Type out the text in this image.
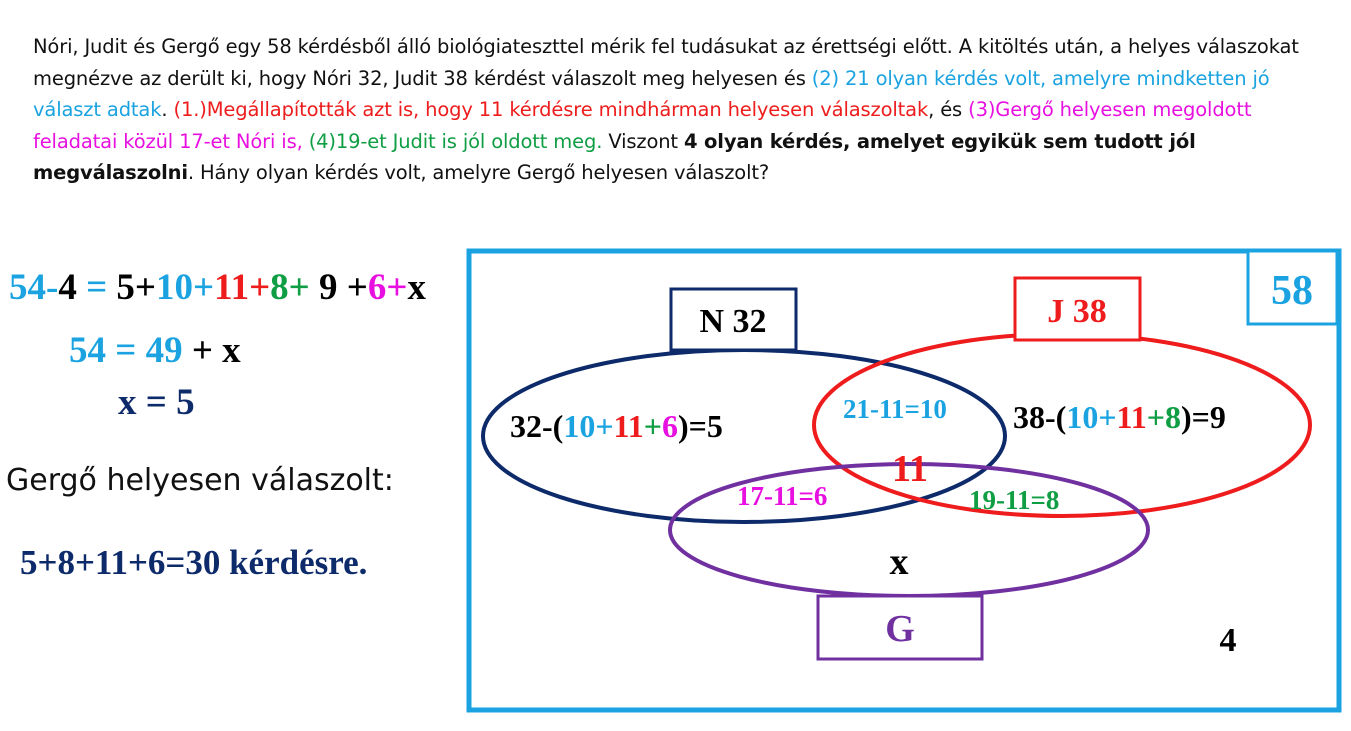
Nóri, Judit és Gergő egy 58 kérdésből álló biológiateszttel mérik fel tudásukat az érettségi előtt. A kitöltés után, a helyes válaszokat megnézve az derült ki, hogy Nóri 32, Judit 38 kérdést válaszolt meg helyesen és (2) 21 olyan kérdés volt, amelyre mindketten jó választ adtak. (1.)Megállapították azt is, hogy 11 kérdésre mindhárman helyesen válaszoltak, és (3)Gergő helyesen megoldott feladatai közül 17-et Nóri is, (4)19-et Judit is jól oldott meg. Viszont 4 olyan kérdés, amelyet egyikük sem tudott jól megválaszolni. Hány olyan kérdés volt, amelyre Gergő helyesen válaszolt?
54-4 = 5+10+11+8+ 9 +6+x
54 = 49 + x
x = 5
Gergő helyesen válaszolt:
5+8+11+6=30 kérdésre.
58
N 32	J 38
G
32-(10+11+6)=5	38-(10+11+8)=9
21-11=10
11
17-11=6	19-11=8
x
4
